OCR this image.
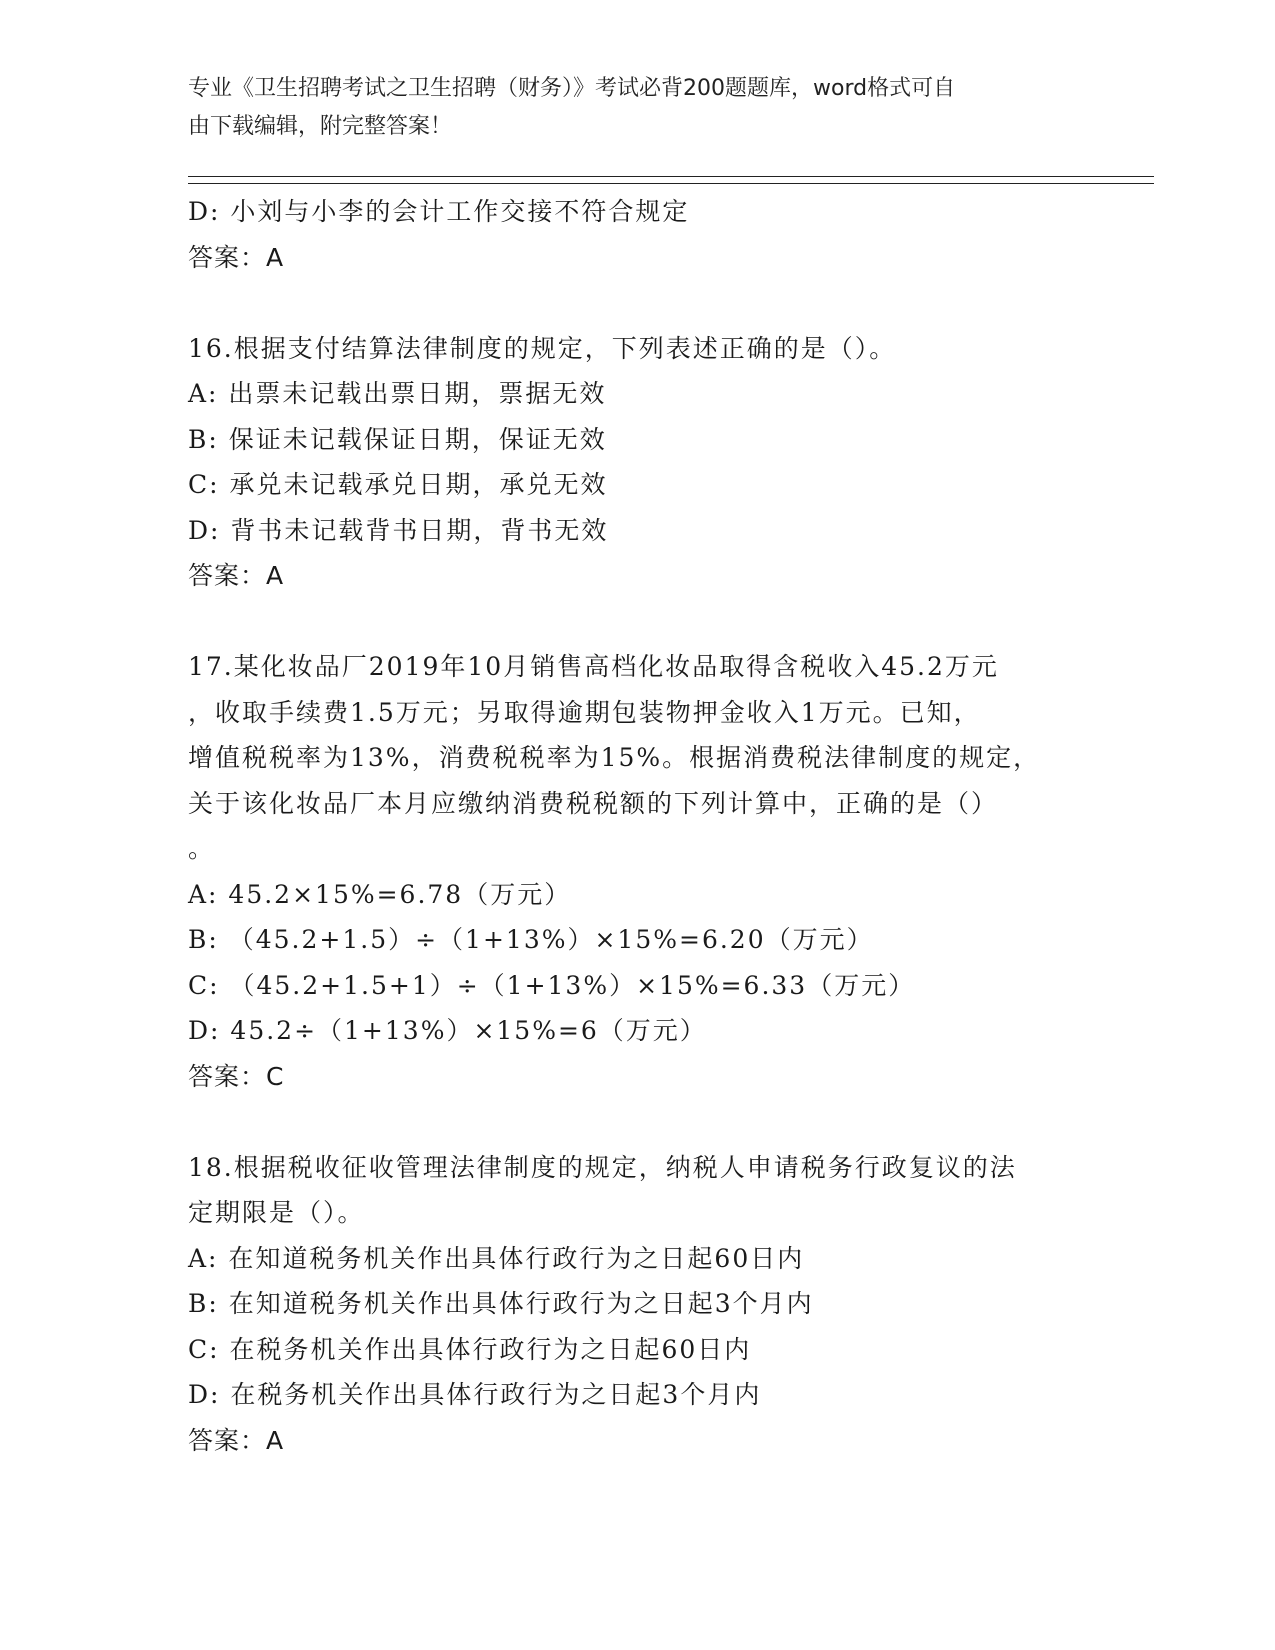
专业《卫生招聘考试之卫生招聘（财务）》考试必背200题题库，word格式可自
由下载编辑，附完整答案！
D: 小刘与小李的会计工作交接不符合规定
答案：A
16.根据支付结算法律制度的规定，下列表述正确的是（）。
A: 出票未记载出票日期，票据无效
B: 保证未记载保证日期，保证无效
C: 承兑未记载承兑日期，承兑无效
D: 背书未记载背书日期，背书无效
答案：A
17.某化妆品厂2019年10月销售高档化妆品取得含税收入45.2万元
，收取手续费1.5万元；另取得逾期包装物押金收入1万元。已知，
增值税税率为13%，消费税税率为15%。根据消费税法律制度的规定，
关于该化妆品厂本月应缴纳消费税税额的下列计算中，正确的是（）
。
A: 45.2×15%=6.78（万元）
B: （45.2+1.5）÷（1+13%）×15%=6.20（万元）
C: （45.2+1.5+1）÷（1+13%）×15%=6.33（万元）
D: 45.2÷（1+13%）×15%=6（万元）
答案：C
18.根据税收征收管理法律制度的规定，纳税人申请税务行政复议的法
定期限是（）。
A: 在知道税务机关作出具体行政行为之日起60日内
B: 在知道税务机关作出具体行政行为之日起3个月内
C: 在税务机关作出具体行政行为之日起60日内
D: 在税务机关作出具体行政行为之日起3个月内
答案：A
